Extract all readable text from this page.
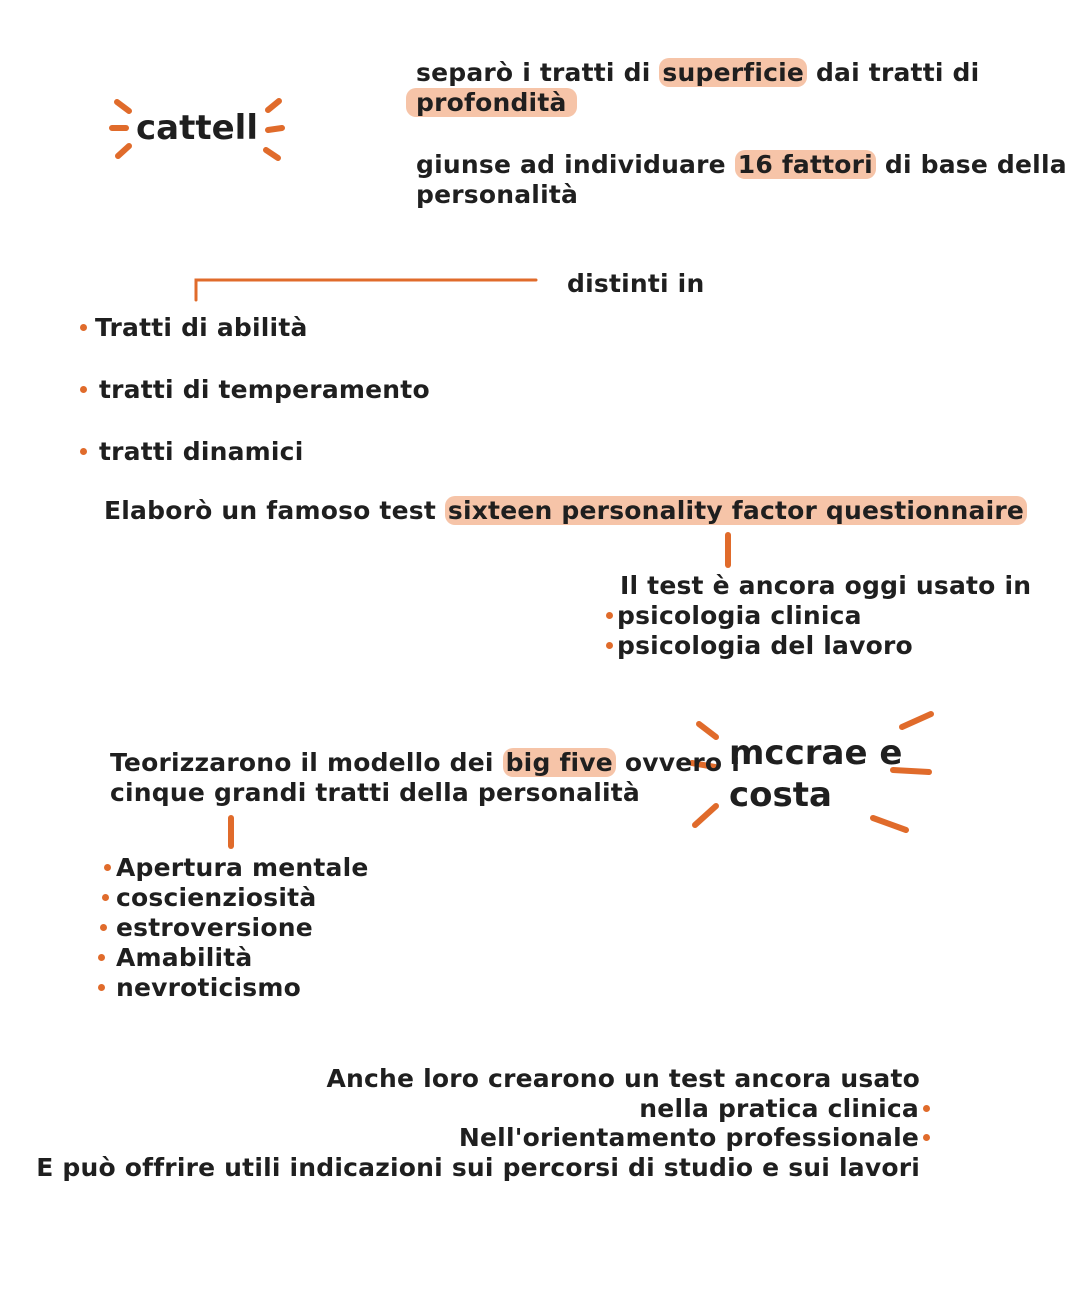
cattell
separò i tratti di superficie dai tratti di
profondità
giunse ad individuare 16 fattori di base della
personalità
distinti in
Tratti di abilità
tratti di temperamento
tratti dinamici
Elaborò un famoso test sixteen personality factor questionnaire
Il test è ancora oggi usato in
psicologia clinica
psicologia del lavoro
mccrae e
costa
Teorizzarono il modello dei big five ovvero i
cinque grandi tratti della personalità
Apertura mentale
coscienziosità
estroversione
Amabilità
nevroticismo
Anche loro crearono un test ancora usato
nella pratica clinica
Nell'orientamento professionale
E può offrire utili indicazioni sui percorsi di studio e sui lavori
